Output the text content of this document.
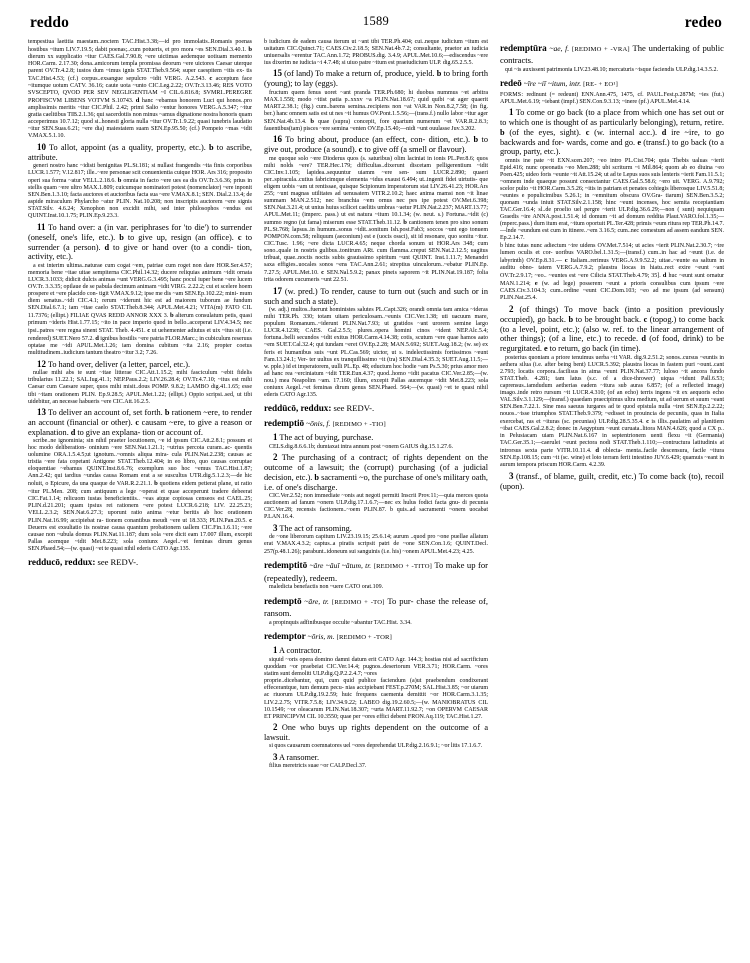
reddo	1589	redeo
tempestiua laetitia maestam..noctem TAC.Hist.3.38;—id pro immolatis..Romanis poenas hostibus ~itum LIV.7.19.5; dabit poenas;..cum potueris, et pro mora ~es SEN.Dial.3.40.1. b dierum xx supplicatio ~itur CAES.Gal.7.90.8; ~ere uictimas aedemque uotiuam memento HOR.Carm. 2.17.30; dona..amicorum templa promissa deorum ~ere uictores Caesar uterque parent OV.Tr.4.2.8; iustos dum ~imus ignis STAT.Theb.9.564; super caespitem ~itis ex- tis TAC.Hist.4.53; (cf.) corpus..exsangue sepulcro ~idit VERG. A.2.543. c acceptum face ~itumque uotum CATV. 36.16; caute uota ~unto CIC.Leg.2.22; OV.Tr.3.13.46; RES VOTO SVSCEPTO, QVOD PER SEV NEGLIGENTIAM ~I CIL.6.816.8; SVMRI..PEREGRE PROFISCVM LIBENS VOTVM S.10743. d hanc ~ebamus honorem Luci qui honos..pro amplissimis meritis ~itur CIC.Phil. 2.42; primi Salio ~entur honores VERG.A.5.347; ~itur gratia caelitibus TIB.2.1.36; qui sacerdotiis non minus ~amus dignatione nostra honoris quam acceperimus 10.7.12; quod si..honesti gloria nulla ~itur OV.Tr.1.9.22; quasi iunebris laudatio ~itur SEN.Suas.6.21; ~ere dia) maiestatem suam SEN.Ep.95.50; (cf.) Pompeio ~mas ~idit V.MAX.5.1.10.
10 To allot, appoint (as a quality, property, etc.). b to ascribe, attribute.
generi nostro hanc ~idisti benignitas PL.St.181; si nullast frangendis ~ita finis corporibus LUCR.1.577; V.12.817; ille..~ere personae scit conuenientia cuique HOR. Ars 316; proposito operi sua forma ~atur VELL.2.18.6. b omnia in facto ~ere ues ea dis OV.Tr.3.6.36; prius in stellis quam ~ere ultro MAX.1.809; cuicumque nominatori potest (nomenclator) ~ere inponit SEN.Ben.1.3.10; facta auctores et auctoribus facta sua ~ere V.MAX.8.1; SEN. Dial.2.13.4; de aspide miraculum Phylarcho ~atur PLIN. Nat.10.208; non inscriptis auctorem ~ere signis STAT.Silv. 4.6.24; Xenophon non excidit mihi, sed inter philosophos ~endus est QUINT.Inst.10.1.75; PLIN.Ep.9.23.3.
11 To hand over: a (in var. periphrases for 'to die') to surrender (oneself, one's life, etc.). b to give up, resign (an office). c to surrender (a person). d to give or hand over (to a condi- tion, activity, etc.).
a est interim ultima..naturae cum cogat ~em, patriae cum roget non dare HOR.Ser.4.57; memoria bene ~itae uitae sempiterna CIC.Phil.14.32; ducere reliquias animum ~idit ornata LUCR.3.1033; didicit dulcis animas ~unt VERG.G.3.495; hanc pocul iuper bene ~ere lucem OV.Tr. 3.3.35; opilaue de se pabula decimum animam ~idit VIRG. 2.22.2; cui et scelere hoem prospere et ~ere placido con- tigit V.MAX.9.12; ipse me dis ~am SEN.Ep.102.22; mini- mum diem senatus..~idi CIC.4.1; rerum ~iderunt hic est ad maiorem tuborum ae fundum SEN.Dial.6.7.1; iam ~itae caelo STAT.Theb.8.344; APUL.Met.4.21; VITA(m) FATO CIL 11.7376; (ellipt.) FILIAE QVAS REDD ANNOR XXX 3. b alterum consulatum petis, quasi primum ~ideris Hist.1.77.15; ~ito in pace imperio quod in bello..acceperat LIV.4.34.5; nec ipsi..patres ~ere regna sinent STAT. Theb. 4.451. c ut uehementer adiutus et uix ~itus sit (i.e. rendered) SUET.Nero 57.2. d ignibus hostilis ~ere patria FLOR.Marc.; in cubiculum reseruus optatae me ~idi APUL.Met.1.26; iam domina cubitum ~ita 2.16; propter coetus multitudinem..iudicium tantum theatro ~itur 3.2; 7.26.
12 To hand over, deliver (a letter, parcel, etc.).
nullae mihi abs te sunt ~itae litterae CIC.Att.1.15.2; mihi fasciculum ~ebit fidelis tribularius 11.22.1; SAL.Iug.41.1; NEP.Paus.2.2; LIV.26.28.4; OV.Tr.4.7.10; ~itus est mihi Caesar cum Caesare super, quos mihi misit..dous POMP. 9.8.2; LAMBO dig.41.1.65; esse tibi ~itam orationem PLIN. Ep.9.28.5; APUL.Met.1.22; (ellipt.) Oppio scripsi..sed, ut tibi uidebitur, an necesse habueris ~ere CIC.Att.16.2.5.
13 To deliver an account of, set forth. b rationem ~ere, to render an account (financial or other). c causam ~ere, to give a reason or explanation. d to give an explana- tion or account of.
scribe..ne ignominia; sin nihil praeter locutionem, ~e id ipsum CIC.Att.2.8.1; possum et hoc modo deliberation- oninium ~ere SEN.Nat.1.21.1; ~utrius percota curam..ac- quentis uolumine ORA.1.5.4.5;ut ignotum..~omnis aliqua mira- cula PLIN.Nat.2.238; causas ac tristia ~ere fata copetant Antigone STAT.Theb.12.404; in eo libro, quo causas corruptae eloquentiae ~ebamus QUINT.Inst.8.6.76; exemplum suo hoc ~emus TAC.Hist.1.87; Ann.2.42; qui tardius ~undas causa Romam erat a se suscultus UTR.dig.5.1.2.3;—de hic noluit, o Epicure, da una quaque de VAR.R.2.21.1. b quotiens eidem petierat plane, ut ratio ~itur PL.Men. 208; cum antiquum a lege ~operat et quae acceperunt tradere debeerat CIC.Fat.1.14; relicuom iustas beneficientiis.. ~eas atque copiosas censeos est CAEL.25; PLIN.d.21.201; quam ipsius rei rationem ~ere potest LUCR.6.218; LIV. 22.25.23; VELL.2.3.2; SEN.Nat.6.27.3; uporunt ratio anima ~etur beritis ab hoc orationem PLIN.Nat.16.99; accipiebat ra- tionem conantibus meudi ~ere ut 18.333; PLIN.Pan.20.5. c Deuerrs est exsultatio iis nostrae causa quantum probationem uallem CIC.Fin.1.6.11; ~ere causae non ~ubula domus PLIN.Nat.11.187; dum sola ~ere dicit eam 17.007 illum, excepit Pallas acemque ~idit Met.8.223; sola coniunx Aegel..~et feminas dirum genus SEN.Phaed.54;—(w. quasi) ~et te quasi nihil ederis CATO Agr.135.
redducō, reddux: see REDV-.
b iudicium de eadem causa iterum ut ~ant tibi TER.Ph.404; cui..neque iudicium ~itum est usitatum CIC.Quinct.71; CAES.Civ.2.18.5; SEN.Nat.4b.7.2; consultante, praetor an iudicia uniuersalis ~erentur TAC.Ann.1.72; PROBUS.dig. 3.4.9; APUL.Met.10.6;—ediscendus ~ere ius dixerim ne iudicia ~i 4.7.48; si uiuo patre ~itum est praeiudicium ULP. dig.65.2.5.5.
15 (of land) To make a return of, produce, yield. b to bring forth (young); to lay (eggs).
fructum quem fenus uoret ~ant pranda TER.Ph.680; hi duobus nummus ~et arbitra MAX.1.558; modo ~itist patia p..xxxv ~a PLIN.Nat.18.67; quid quibi ~at ager quaerit MART.2.38.1; (fig.) cum..barens semina..recipiens non ~at VAR.in Non.8.2,7.58; (in fig. ber.) hanc omnem satis est ut nes ~it humus OV.Pont.1.5.56;—(trans.f.) nullo labor ~itur ager SEN.Nat.4b.13.4. b quae (supra) concepit, fore quartum numerum ~et VAR.R.2.8.3; fauentibus(tam) pisces ~ere semina ~enten OV.Ep.15.40;—nidi ~unt ouulasse Juv.3.202.
16 To bring about, produce (an effect, con- dition, etc.). b to give out, produce (a sound). c to give off (a smell or flavour).
me quoque solo ~ere Dioderus quos (s. saturibus) olim laciniat in ionis PL.Per.8.6; quos mihi nolds ~ere? TER.Hec.179; difficultas..dixerunt discetam pelligerentium ~idit CIC.Inv.1.105; lapidea..sequuntur uiamm ~ere sen- sum LUCR.2.890; quaeri per..spiracula..cutius fabricimque elementa ~idus exaust 6.494; ut..ingenii fidei uirtutis- que eligem uobis ~am ut rentissae, quisque Scipionum imperatorum stat LIV.26.41.23; HOR.Ars 255; ~unt magnas utilitates ad uenusatem VITR.2.10.2; haec anima mamsi non ~it linae summam MAN.2.512; nec branchia ~em ornus nec pes ipe potest OV.Met.6.398; SEN.Nat.3.21.4; ut unius huius scilicet caelitis umbras ~aetur PLIN.Nat.2.237; MART.13.77; APUL.Met.11; (imperc. pass.) ut est natura ~itum 10.1.34; (w. neut. s.) Fortuna..~idit (c) summo regno (ut fama) miserum esse STAT.Theb.11.12. b cantionem tenen pro sino sonum PL.St.768; lapsus..in humum..sonus ~idit..sonitum Ish.post.Fab3; soccos ~unt ego tonuem POMPON.com.58; reliquum (aeconium) est e (uocis ossci), sit id resonare, quo sonitu ~itur. CIC.Tusc. 1.96; ~ere dicta LUCR.4.65; neque chorda sonum ut HOR.Ars 348; cum sono..quale in nostris gulibus..tonitrum ARt. cum flamma..creput SEN.Nat.2.12.5; uagitus tribuat, quae..noctis noctis subis grauissimo spiritum ~unt QUINT. Inst.1.11.7; Menandri saxa effigies..uocales sonos ~ens TAC.Ann.2.61; streptius uinculorum..~ebatur PLIN.Ep. 7.27.5; APUL.Met.10. c SEN.Nal.5.9.2; panax pineis saporem ~it PLIN.Nat.19.187; folia trita odorem cucumeris ~unt 22.51.
17 (w. pred.) To render, cause to turn out (such and such or in such and such a state).
(w. adj.) multos..fuerunt hoministes salutes PL.Capt.326; orandi omnia tam amica ~ideras mihi TER.Ph. 330; totam uitam periculosam..~eunis CIC.Ver.1.38; uti uacuum mare, populum Romanum..~iderunt PLIN.Nat.7.93; ut gratidos ~ant urorem semine largo LUCR.4.1238; CAES. Gal.2.5.5; plures..opera homini cinos ~ident NEP.Alc.5.4; fortuna..belli secundos ~idit exitus HOR.Carm.4.14.38; cotis, scutum ~ere quae hamos aato ~em SUET.Cal.32.4; qui tundam ~eret OV.Ep.2.28; MAN.5.692; SUET.Aug.18.2; (w. se) ex feris et humanibus suis ~unt PL.Cas.569; uictor, ut s. indelectissimis fortissimos ~eunt Fam.13.24.1; Ver- ter uultus ex tranquillissimo ~it (tra) SEN.Dial.4.35.3; SUET.Aug.11.5;—w. pple.) id et imperatorem, uulli PL.Ep. 48; eductum hoc hodie ~am Ps.5.30; prius amor meo ad hanc rea ~erciniatum ~idit TER.Eun.4.37; quod..homo ~idit pacatus CIC.Ver.2.85;—(w. nou.) mea Neapolim ~am. 17.160; illum, excepit Pallas aucemque ~idit Met.8.223; sola coniunx Aegel..~et feminas dirum genus SEN.Phaed. 564;—(w. quasi) ~et te quasi nihil ederis CATO Agr.135.
reddūcō, reddux: see REDV-.
redemptiō ~ōnis, f. [REDIMO + -TIO]
1 The act of buying, purchase.
CELS.dig.8.6.6.1b; dumtaxat intra annum post ~onem GAIUS dig.15.1.27.6.
2 The purchasing of a contract; of rights dependent on the outcome of a lawsuit; the (corrupt) purchasing (of a judicial decision, etc.). b sacramenti ~o, the purchase of one's military oath, i.e. of one's discharge.
CIC.Ver.2.52; non immediate ~onis aut negoti permiti Inscrii Prov.11;—quia merces quota auctionem ad fanum ~onem ULP.dig.17.1.6.7;—nec ex hulus fodici facta gnu- di pecunia CIC.Ver.28; recensis factionem..~oem PLIN.87. b quis..ad sacramenti ~onem uocabat P.LAN.16.4.
3 The act of ransoming.
de ~one liberorum capitum LIV.23.19.15; 25.6.14; aurum ..quod pro ~one puellae allatum erat V.MAX.4.3.2; captus..a piratis scripsit patri de ~one SEN.Con.1.6; QUINT.Decl. 257(p.48.1.26); parabunt..idoneum sui sanguinis (i.e. his) ~onem APUL.Met.4.23; 4.25.
redemptitō ~āre ~āuī ~ātum, tr. [REDIMO + -TITO] To make up for (repeatedly), redeem.
maledicta benefactis non ~uere CATO orat.109.
redemptō ~āre, tr. [REDIMO + -TO] To pur- chase the release of, ransom.
a propinquis adfinibusque occulte ~abantur TAC.Hist. 3.34.
redemptor ~ōris, m. [REDIMO + -TOR]
1 A contractor.
siquid ~oris opera domino damni datum erit CATO Agr. 144.3; hostias nisi ad sacrificium quoddam ~or praebeiat CIC.Ver.14.4; pugnos..desertorum VER.3.71; HOR.Carm. ~ores statim sunt demoliti ULP.dig.Q.P.2.2.4.7; ~ores
proprie..dicebantur, qui, cum quid publice faciendum (a)ut praebendum condixerant effecerantque, tum demum pecu- nias accipiebant FEST.p.270M; SAL.Hist.3.85; ~or uiarum ac riuorum ULP.dig.19.2.59; huic frequens caementa demittit ~or HOR.Carm.3.1.35; LIV.2.2.75; VITR.7.5.8; LIV.34.9.22; LABEO dig.19.2.60.5;—(w. MANIOBRATUS CIL 10.1549; ~or oleacarum PLIN.Nat.18.307; ~urta MART.11.92.7; ~on OPERVM CAESAR ET PRINCIPVM CIL 10.3550; quae per ~ores effici debent FRON.Aq.119; TAC.Hist.1.27.
2 One who buys up rights dependent on the outcome of a lawsuit.
si quos causarum coemnatores uel ~ores deprehendat ULP.dig.2.16.9.1; ~or litis 17.1.6.7.
3 A ransomer.
filius meretricis suae ~or CALP.Decl.37.
redemptūra ~ae, f. [REDIMO + -VRA] The undertaking of public contracts.
qui ~is auxissent patrimonia LIV.23.48.10; mercaturis ~isque faciendis ULP.dig.14.3.5.2.
redeō ~īre ~iī ~itum, intr. [RE- + EO¹]
FORMS: redīnunt (= redeunt) ENN.Ann.475, 1475, cf. PAUL.Fest.p.287M; ~ies (fut.) APUL.Met.6.19; ~iebant (impf.) SEN.Con.9.3.13; ~inere (pf.) APUL.Met.4.14.
1 To come or go back (to a place from which one has set out or to which one is thought of as particularly belonging), return, retire. b (of the eyes, sight). c (w. internal acc.). d ire ~ire, to go backwards and for- wards, come and go. e (transf.) to go back (to a group, party, etc.).
omnis ine pate ~it EXN.scen.207; ~eo intro PL.Cist.704; quia Thebis ualuas ~ierit Epid.416; nunc opeonatis ~eo Men.288; ubi scriturm ~i Mil.864; quom ab eo diuina ~eo Poen.425; uideo foris ~eunte ~it Att.15.24; ut ad te Lepus suos suis lenteris ~ierit Fam.11.5.1; ~omnem inde quaeque possunt consectantur CAES.Gal.5.58.6; ~ero uit. VERG. A.9.792; scelor pulto ~it HOR.Carm.3.5.26; ~itis in patriam et penates cohiegis liberosque LIV.5.51.8; ~euntes e populicimibus 5.26.1; in ~emnitum obscura OV.Gra- tiarum) SEN.Ben.3.5.2; quonam ~unda iniuit STAT.Silv.2.1.158; hinc ~eunt incenses, hoc semita recepiantiam TAC.Ger.16.4; sl..de proelio uel pergre ~ierit ULP.dig.36.6.29;—non ( sunt) nequiquam Graedis ~ire ANNA.post.1.51.4; id domum ~it ad domum reddita Plaut.VARO.fol.1.35;—(mperc.pass.) durn itum erat, ~itum oportuit PL.Ter.428; primis ~eum ritura rep TER.Ph.14.7.—lnde ~eundum est cum in itinere..~em 3.16.5; cum..nec comestum ad assem eandum SEN. Ep.2.14.7.
b hinc tutas nunc adiectum ~ire uidens OV.Met.7.514; ut acies ~ierit PLIN.Nat.2.30.7; ~ire lumen oculis et cor- uoribus VARO.bel.1.31.5;—(transf.) cum..in hac ad ~eunt (i.e. de labyrinth) OV.Ep.8.31.— c Italiam..rerimus VERG.A.9.9.52.2; uitae..~eunte ea saltum in auditu obno- tatem VERG.A.7.9.2; plaustra liocas in hiatu..rect exire ~eunt ~ant OV.Tr.2.9.17; ~eo.. ~euntes est ~ere Cilicia STAT.Theb.4.79; 35]. d huc ~eunt sunt ornatur MAN.1.214; e (w. ad lege) posserem ~eunt a prioris consulibus cum ipsum ~ere CAES.Civ.3.104.3; cum..ordine ~eunt CIC.Dom.103; ~eo ad me ipsum (ad sensum) PLIN.Nat.25.4.
2 (of things) To move back (into a position previously occupied), go back. b to be brought back. c (topog.) to come back (to a level, point, etc.); (also w. ref. to the linear arrangement of other things); (of a line, etc.) to recede. d (of food, drink) to be regurgitated. e to return, go back (in time).
posterius quoniam a priore tenuimus uerba ~it VAR. dig.9.2.51.2; sonos..cursus ~euntis in aethera silua (i.e. after being bent) LUCR.5.392; plaustra liocas in fastem puri ~ount..cant 2.793; locatis corpora..facilisus in aima ~eunt PLIN.Nat.37.77; luloso ~it ancora fundo STAT.Theb. 4.281; tam latus (s.c. of a dice-thrower) uiqua ~idunt Pall.6.53; caprensus..iamdudum aetherias eadem ~itura sub auras 6.857; (of a reflected image) imago..inde retro rursum ~it LUCR.4.310; (of an echo) terris ingens ~it ex aequoris echo VAL.Silv.3.1.129;—(transf.) quaedam praecipimus ultra medium, ut ad uerum et suum ~eant SEN.Ben.7.22.1. Sine mea saeuus iurgares ad te quod epistula nulla ~iret SEN.Ep.2.2.22; nouos..~isse triumphos STAT.Theb.9.379; ~edisset in prouincia de pecuniis, quas in Italia exercebat, ras et ~ituras (sc. pecunias) ULP.dig.28.5.35.4. c is illis..paulatim ad planitiem ~ibat CAES.Gal.2.8.2; donec in Aegyptum ~eunt curuata..litora MAN.4.626; quod a CX p.. in Pelusiacam uiam PLIN.Nat.6.167 in septentrionem uenti flexu ~it (Germania) TAC.Ger.35.1;—caerulei ~eunt pectora nodi STAT.Theb.1.110;—contructura latitudinis at introrsus sexta parte VITR.10.11.4. d oblecta- menta..facile descensura, facile ~itura SEN.Ep.108.15; cum ~it (sc. wine) et loto terram ferit intestino JUV.6.429; quamuis ~eant in aurum tempora priscum HOR.Carm. 4.2.39.
3 (transf., of blame, guilt, credit, etc.) To come back (to), recoil (upon).
